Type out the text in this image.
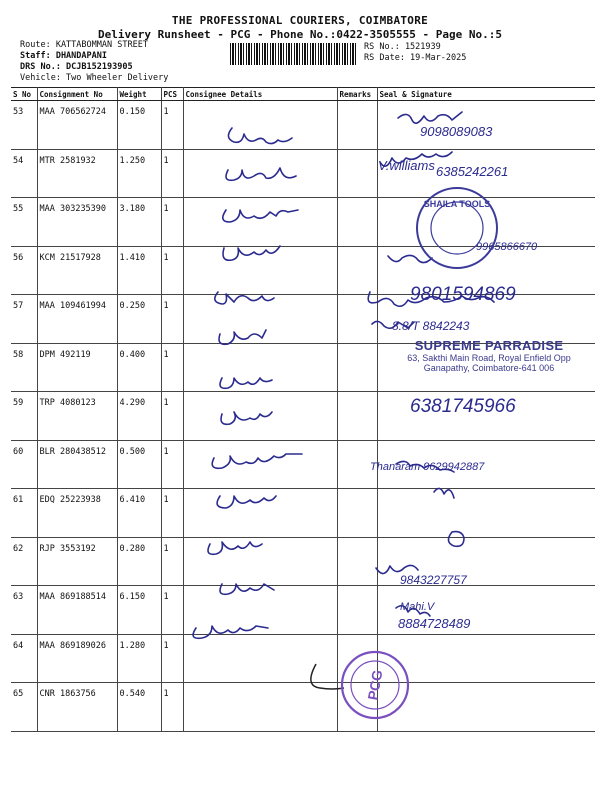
THE PROFESSIONAL COURIERS, COIMBATORE
Delivery Runsheet - PCG - Phone No.:0422-3505555 - Page No.:5
Route: KATTABOMMAN STREET
Staff: DHANDAPANI
DRS No.: DCJB152193905
Vehicle: Two Wheeler Delivery
RS No.: 1521939
RS Date: 19-Mar-2025
S No	Consignment No	Weight	PCS	Consignee Details	Remarks	Seal & Signature
53	MAA 706562724	0.150	1			
54	MTR 2581932	1.250	1			
55	MAA 303235390	3.180	1			
56	KCM 21517928	1.410	1			
57	MAA 109461994	0.250	1			
58	DPM 492119	0.400	1			
59	TRP 4080123	4.290	1			
60	BLR 280438512	0.500	1			
61	EDQ 25223938	6.410	1			
62	RJP 3553192	0.280	1			
63	MAA 869188514	6.150	1			
64	MAA 869189026	1.280	1			
65	CNR 1863756	0.540	1			
9098089083
V.williams 6385242261
9965866670
9801594869
8.8/T 8842243
6381745966
Thanaram 9629942887
9843227757
Mahi.V
8884728489
SHAILA TOOLS
SUPREME PARRADISE
63, Sakthi Main Road, Royal Enfield Opp
Ganapathy, Coimbatore-641 006
PCG
